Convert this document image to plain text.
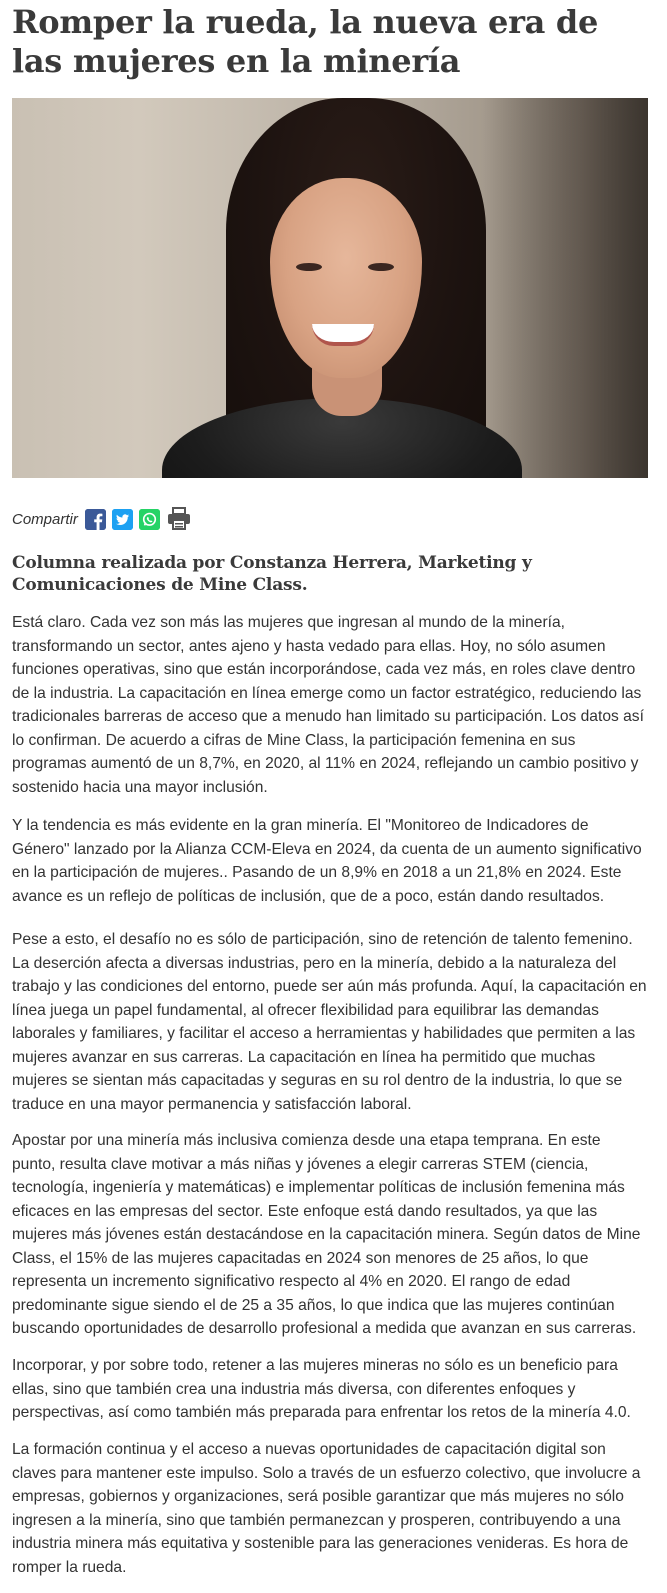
Romper la rueda, la nueva era de las mujeres en la minería
Compartir
Columna realizada por Constanza Herrera, Marketing y Comunicaciones de Mine Class.

Está claro. Cada vez son más las mujeres que ingresan al mundo de la minería, transformando un sector, antes ajeno y hasta vedado para ellas. Hoy, no sólo asumen funciones operativas, sino que están incorporándose, cada vez más, en roles clave dentro de la industria. La capacitación en línea emerge como un factor estratégico, reduciendo las tradicionales barreras de acceso que a menudo han limitado su participación. Los datos así lo confirman. De acuerdo a cifras de Mine Class, la participación femenina en sus programas aumentó de un 8,7%, en 2020, al 11% en 2024, reflejando un cambio positivo y sostenido hacia una mayor inclusión.

Y la tendencia es más evidente en la gran minería. El "Monitoreo de Indicadores de Género" lanzado por la Alianza CCM-Eleva en 2024, da cuenta de un aumento significativo en la participación de mujeres.. Pasando de un 8,9% en 2018 a un 21,8% en 2024. Este avance es un reflejo de políticas de inclusión, que de a poco, están dando resultados.

Pese a esto, el desafío no es sólo de participación, sino de retención de talento femenino. La deserción afecta a diversas industrias, pero en la minería, debido a la naturaleza del trabajo y las condiciones del entorno, puede ser aún más profunda. Aquí, la capacitación en línea juega un papel fundamental, al ofrecer flexibilidad para equilibrar las demandas laborales y familiares, y facilitar el acceso a herramientas y habilidades que permiten a las mujeres avanzar en sus carreras. La capacitación en línea ha permitido que muchas mujeres se sientan más capacitadas y seguras en su rol dentro de la industria, lo que se traduce en una mayor permanencia y satisfacción laboral.

Apostar por una minería más inclusiva comienza desde una etapa temprana. En este punto, resulta clave motivar a más niñas y jóvenes a elegir carreras STEM (ciencia, tecnología, ingeniería y matemáticas) e implementar políticas de inclusión femenina más eficaces en las empresas del sector. Este enfoque está dando resultados, ya que las mujeres más jóvenes están destacándose en la capacitación minera. Según datos de Mine Class, el 15% de las mujeres capacitadas en 2024 son menores de 25 años, lo que representa un incremento significativo respecto al 4% en 2020. El rango de edad predominante sigue siendo el de 25 a 35 años, lo que indica que las mujeres continúan buscando oportunidades de desarrollo profesional a medida que avanzan en sus carreras.

Incorporar, y por sobre todo, retener a las mujeres mineras no sólo es un beneficio para ellas, sino que también crea una industria más diversa, con diferentes enfoques y perspectivas, así como también más preparada para enfrentar los retos de la minería 4.0.

La formación continua y el acceso a nuevas oportunidades de capacitación digital son claves para mantener este impulso. Solo a través de un esfuerzo colectivo, que involucre a empresas, gobiernos y organizaciones, será posible garantizar que más mujeres no sólo ingresen a la minería, sino que también permanezcan y prosperen, contribuyendo a una industria minera más equitativa y sostenible para las generaciones venideras. Es hora de romper la rueda.
